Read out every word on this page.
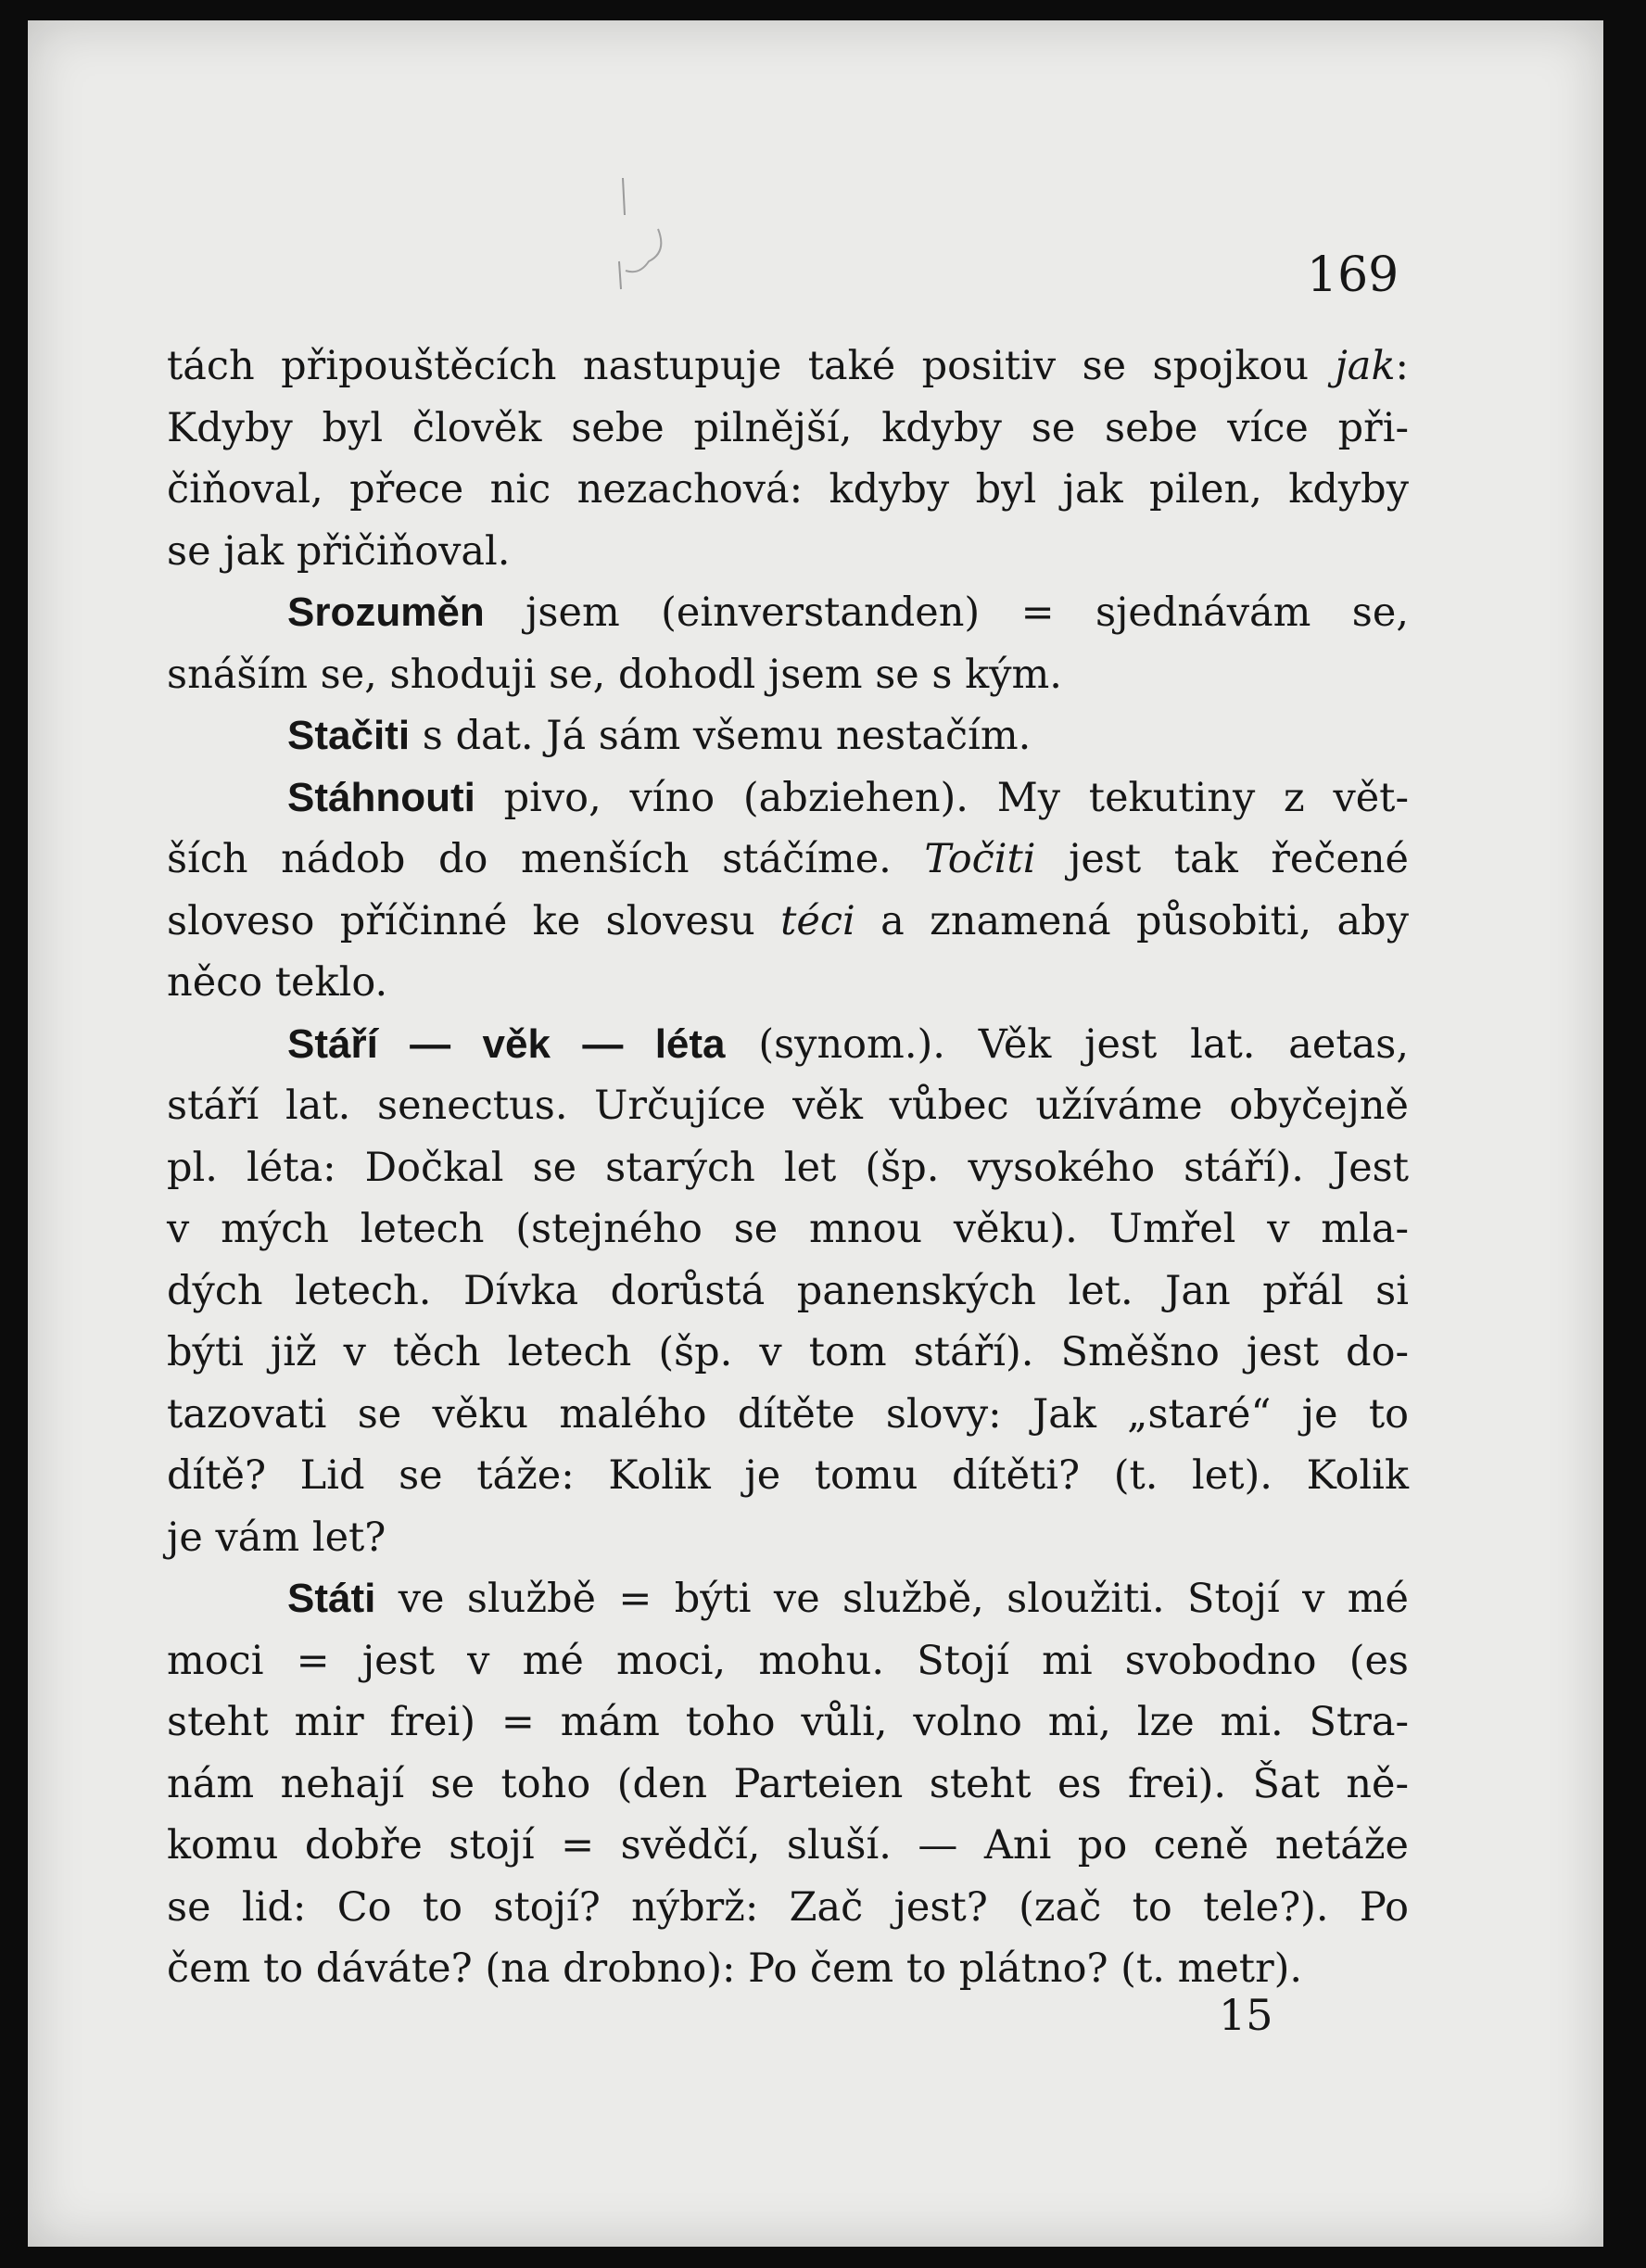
169
tách připouštěcích nastupuje také positiv se spojkou jak:
Kdyby byl člověk sebe pilnější, kdyby se sebe více při-
čiňoval, přece nic nezachová: kdyby byl jak pilen, kdyby
se jak přičiňoval.
Srozuměn jsem (einverstanden) = sjednávám se,
snáším se, shoduji se, dohodl jsem se s kým.
Stačiti s dat. Já sám všemu nestačím.
Stáhnouti pivo, víno (abziehen). My tekutiny z vět-
ších nádob do menších stáčíme. Točiti jest tak řečené
sloveso příčinné ke slovesu téci a znamená působiti, aby
něco teklo.
Stáří — věk — léta (synom.). Věk jest lat. aetas,
stáří lat. senectus. Určujíce věk vůbec užíváme obyčejně
pl. léta: Dočkal se starých let (šp. vysokého stáří). Jest
v mých letech (stejného se mnou věku). Umřel v mla-
dých letech. Dívka dorůstá panenských let. Jan přál si
býti již v těch letech (šp. v tom stáří). Směšno jest do-
tazovati se věku malého dítěte slovy: Jak „staré“ je to
dítě? Lid se táže: Kolik je tomu dítěti? (t. let). Kolik
je vám let?
Státi ve službě = býti ve službě, sloužiti. Stojí v mé
moci = jest v mé moci, mohu. Stojí mi svobodno (es
steht mir frei) = mám toho vůli, volno mi, lze mi. Stra-
nám nehají se toho (den Parteien steht es frei). Šat ně-
komu dobře stojí = svědčí, sluší. — Ani po ceně netáže
se lid: Co to stojí? nýbrž: Zač jest? (zač to tele?). Po
čem to dáváte? (na drobno): Po čem to plátno? (t. metr).
15
